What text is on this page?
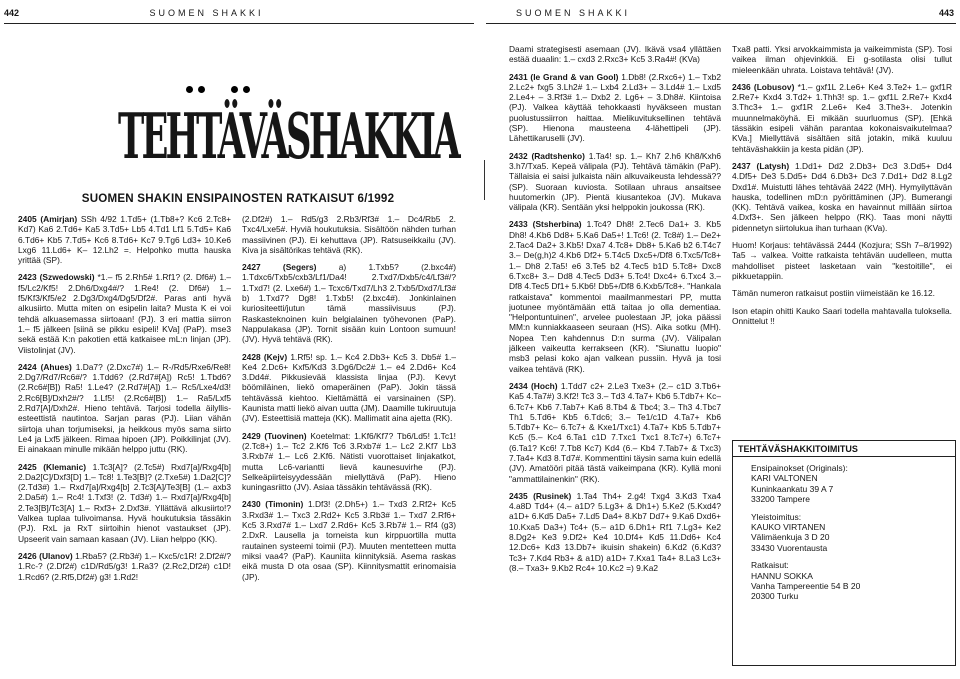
442	SUOMEN SHAKKI
TEHTÄVÄSHAKKIA
SUOMEN SHAKIN ENSIPAINOSTEN RATKAISUT 6/1992

2405 (Amirjan) SSh 4/92 1.Td5+ (1.Tb8+? Kc6 2.Tc8+ Kd7) Ka6 2.Td6+ Ka5 3.Td5+ Lb5 4.Td1 Lf1 5.Td5+ Ka6 6.Td6+ Kb5 7.Td5+ Kc6 8.Td6+ Kc7 9.Tg6 Ld3+ 10.Ke6 Lxg6 11.Ld6+ K– 12.Lh2 =. Helpohko mutta hauska yrittää (SP).

2423 (Szwedowski) *1.– f5 2.Rh5# 1.Rf1? (2. Df6#) 1.– f5/Lc2/Kf5! 2.Dh6/Dxg4#/? 1.Re4! (2. Df6#) 1.– f5/Kf3/Kf5/e2 2.Dg3/Dxg4/Dg5/Df2#. Paras anti hyvä alkusiirto. Mutta miten on esipelin laita? Musta K ei voi tehdä alkuasemassa siirtoaan! (PJ). 3 eri mattia siirron 1.– f5 jälkeen [siinä se pikku esipeli! KVa] (PaP). mse3 sekä estää K:n pakotien että katkaisee mL:n linjan (JP). Viistolinjat (JV).

2424 (Ahues) 1.Da7? (2.Dxc7#) 1.– R-/Rd5/Rxe6/Re8! 2.Dg7/Rd7/Rc6#/? 1.Tdd6? (2.Rd7#[A]) Rc5! 1.Tbd6? (2.Rc6#[B]) Ra5! 1.Le4? (2.Rd7#[A]) 1.– Rc5/Lxe4/d3! 2.Rc6[B]/Dxh2#/? 1.Lf5! (2.Rc6#[B]) 1.– Ra5/Lxf5 2.Rd7[A]/Dxh2#. Hieno tehtävä. Tarjosi todella äilyllis-esteettistä nautintoa. Sarjan paras (PJ). Liian vähän siirtoja uhan torjumiseksi, ja heikkous myös sama siirto Le4 ja Lxf5 jälkeen. Rimaa hipoen (JP). Poikkilinjat (JV). Ei ainakaan minulle mikään helppo juttu (RK).

2425 (Klemanic) 1.Tc3[A]? (2.Tc5#) Rxd7[a]/Rxg4[b] 2.Da2[C]/Dxf3[D] 1.– Tc8! 1.Te3[B]? (2.Txe5#) 1.Da2[C]? (2.Td3#) 1.– Rxd7[a]/Rxg4[b] 2.Tc3[A]/Te3[B] (1.– axb3 2.Da5#) 1.– Rc4! 1.Txf3! (2. Td3#) 1.– Rxd7[a]/Rxg4[b] 2.Te3[B]/Tc3[A] 1.– Rxf3+ 2.Dxf3#. Yllättävä alkusiirto!? Valkea tuplaa tulivoimansa. Hyvä houkutuksia tässäkin (PJ). RxL ja RxT siirtoihin hienot vastaukset (JP). Upseerit vain samaan kasaan (JV). Liian helppo (KK).

2426 (Ulanov) 1.Rba5? (2.Rb3#) 1.– Kxc5/c1R! 2.Df2#/? 1.Rc-? (2.Df2#) c1D/Rd5/g3! 1.Ra3? (2.Rc2,Df2#) c1D! 1.Rcd6? (2.Rf5,Df2#) g3! 1.Rd2!

(2.Df2#) 1.– Rd5/g3 2.Rb3/Rf3# 1.– Dc4/Rb5 2. Txc4/Lxe5#. Hyviä houkutuksia. Sisältöön nähden turhan massiivinen (PJ). Ei kehuttava (JP). Ratsuseikkailu (JV). Kiva ja sisältörikas tehtävä (RK).

2427 (Segers) a) 1.Txb5? (2.bxc4#) 1.Tdxc6/Txb5/cxb3/Lf1/Da4! 2.Txd7/Dxb5/c4/Lf3#/? 1.Txd7! (2. Lxe6#) 1.– Tcxc6/Txd7/Lh3 2.Txb5/Dxd7/Lf3# b) 1.Txd7? Dg8! 1.Txb5! (2.bxc4#). Jonkinlainen kuriositeetti/jutun tämä massiivisuus (PJ). Raskasteknoinen kuin belgialainen työhevonen (PaP). Nappulakasa (JP). Tornit sisään kuin Lontoon sumuun! (JV). Hyvä tehtävä (RK).

2428 (Kejv) 1.Rf5! sp. 1.– Kc4 2.Db3+ Kc5 3. Db5# 1.– Ke4 2.Dc6+ Kxf5/Kd3 3.Dg6/Dc2# 1.– e4 2.Dd6+ Kc4 3.Dd4#. Pikkusievää klassista linjaa (PJ). Kevyt böömiläinen, liekö omaperäinen (PaP). Jokin tässä tehtävässä kiehtoo. Kieltämättä ei varsinainen (SP). Kaunista matti liekö aivan uutta (JM). Daamille tukiruutuja (JV). Esteettisiä matteja (KK). Mallimatit aina ajetta (RK).

2429 (Tuovinen) Koetelmat: 1.Kf6/Kf7? Tb6/Ld5! 1.Tc1! (2.Tc8+) 1.– Tc2 2.Kf6 Tc6 3.Rxb7# 1.– Lc2 2.Kf7 Lb3 3.Rxb7# 1.– Lc6 2.Kf6. Nätisti vuorottaiset linjakatkot, mutta Lc6-variantti lievä kaunesuvirhe (PJ). Selkeäpiirteisyydessään miellyttävä (PaP). Hieno kuningasriitto (JV). Asiaa tässäkin tehtävässä (RK).

2430 (Timonin) 1.Df3! (2.Dh5+) 1.– Txd3 2.Rf2+ Kc5 3.Rxd3# 1.– Txc3 2.Rd2+ Kc5 3.Rb3# 1.– Txd7 2.Rf6+ Kc5 3.Rxd7# 1.– Lxd7 2.Rd6+ Kc5 3.Rb7# 1.– Rf4 (g3) 2.DxR. Lausella ja torneista kun kirppuortilla mutta rautainen systeemi toimii (PJ). Muuten mentetteen mutta miksi vaa4? (PaP). Kauniita kiinnityksiä. Asema raskas eikä musta D ota osaa (SP). Kiinnitysmattit erinomaisia (JP).

SUOMEN SHAKKI	443

Daami strategisesti asemaan (JV). Ikävä vsa4 yllättäen estää duaalin: 1.– cxd3 2.Rxc3+ Kc5 3.Ra4#! (KVa)

2431 (le Grand & van Gool) 1.Db8! (2.Rxc6+) 1.– Txb2 2.Lc2+ fxg5 3.Lh2# 1.– Lxb4 2.Ld3+ – 3.Ld4# 1.– Lxd5 2.Le4+ – 3.Rf3# 1.– Dxb2 2. Lg6+ – 3.Dh8#. Kiintoisa (PJ). Valkea käyttää tehokkaasti hyväkseen mustan puolustussiirron haittaa. Mielikuvituksellinen tehtävä (SP). Hienona mausteena 4-lähettipeli (JP). Lähettikaruselli (JV).

2432 (Radtshenko) 1.Ta4! sp. 1.– Kh7 2.h6 Kh8/Kxh6 3.h7/Txa5. Kepeä välipala (PJ). Tehtävä tämäkin (PaP). Tällaisia ei saisi julkaista näin alkuvaikeusta lehdessä?? (SP). Suoraan kuviosta. Sotilaan uhraus ansaitsee huutomerkin (JP). Pientä kiusantekoa (JV). Mukava välipala (KR). Sentään yksi helppokin joukossa (RK).

2433 (Stsherbina) 1.Tc4? Dh8! 2.Tec6 Da1+ 3. Kb5 Dh8! 4.Kb6 Dd8+ 5.Ka6 Da5+! 1.Tc6! (2. Tc8#) 1.– De2+ 2.Tac4 Da2+ 3.Kb5! Dxa7 4.Tc8+ Db8+ 5.Ka6 b2 6.T4c7 3.– De(g,h)2 4.Kb6 Df2+ 5.T4c5 Dxc5+/Df8 6.Txc5/Tc8+ 1.– Dh8 2.Ta5! e6 3.Te5 b2 4.Tec5 b1D 5.Tc8+ Dxc8 6.Txc8+ 3.– Dd8 4.Tec5 Dd3+ 5.Tc4! Dxc4+ 6.Txc4 3.– Df8 4.Tec5 Df1+ 5.Kb6! Db5+/Df8 6.Kxb5/Tc8+. "Hankala ratkaistava" kommentoi maailmanmestari PP, mutta juotunee myöntämään että taitaa jo olla dementiaa. "Helpontuntuinen", arvelee puolestaan JP, joka päässi MM:n kunniakkaaseen seuraan (HS). Aika sotku (MH). Nopea T:en kahdennus D:n surma (JV). Välipalan jälkeen vaikeutta kerrakseen (KR). "Siunattu luopio" msb3 pelasi koko ajan valkean pussiin. Hyvä ja tosi vaikea tehtävä (RK).

2434 (Hoch) 1.Tdd7 c2+ 2.Le3 Txe3+ (2.– c1D 3.Tb6+ Ka5 4.Ta7#) 3.Kf2! Tc3 3.– Td3 4.Ta7+ Kb6 5.Tdb7+ Kc– 6.Tc7+ Kb6 7.Tab7+ Ka6 8.Tb4 & Tbc4; 3.– Th3 4.Tbc7 Th1 5.Td6+ Kb5 6.Tdc6; 3.– Te1/c1D 4.Ta7+ Kb6 5.Tdb7+ Kc– 6.Tc7+ & Kxe1/Txc1) 4.Ta7+ Kb5 5.Tdb7+ Kc5 (5.– Kc4 6.Ta1 c1D 7.Txc1 Txc1 8.Tc7+) 6.Tc7+ (6.Ta1? Kc6! 7.Tb8 Kc7) Kd4 (6.– Kb4 7.Tab7+ & Txc3) 7.Ta4+ Kd3 8.Td7#. Kommenttini täysin sama kuin edellä (JV). Amatööri pitää tästä vaikeimpana (KR). Kyllä moni "ammattilainenkin" (RK).

2435 (Rusinek) 1.Ta4 Th4+ 2.g4! Txg4 3.Kd3 Txa4 4.a8D Td4+ (4.– a1D? 5.Lg3+ & Dh1+) 5.Ke2 (5.Kxd4? a1D+ 6.Kd5 Da5+ 7.Ld5 Da4+ 8.Kb7 Dd7+ 9.Ka6 Dxd6+ 10.Kxa5 Da3+) Tc4+ (5.– a1D 6.Dh1+ Rf1 7.Lg3+ Ke2 8.Dg2+ Ke3 9.Df2+ Ke4 10.Df4+ Kd5 11.Dd6+ Kc4 12.Dc6+ Kd3 13.Db7+ ikuisin shakein) 6.Kd2 (6.Kd3? Tc3+ 7.Kd4 Rb3+ & a1D) a1D+ 7.Kxa1 Ta4+ 8.La3 Lc3+ (8.– Txa3+ 9.Kb2 Rc4+ 10.Kc2 =) 9.Ka2

Txa8 patti. Yksi arvokkaimmista ja vaikeimmista (SP). Tosi vaikea ilman ohjevinkkiä. Ei g-sotilasta olisi tullut mieleenkään uhrata. Loistava tehtävä! (JV).

2436 (Lobusov) *1.– gxf1L 2.Le6+ Ke4 3.Te2+ 1.– gxf1R 2.Re7+ Kxd4 3.Td2+ 1.Thh3! sp. 1.– gxf1L 2.Re7+ Kxd4 3.Thc3+ 1.– gxf1R 2.Le6+ Ke4 3.The3+. Jotenkin muunnelmaköyhä. Ei mikään suurluomus (SP). [Ehkä tässäkin esipeli vähän parantaa kokonaisvaikutelmaa? KVa.] Miellyttävä sisältäen sitä jotakin, mikä kuuluu tehtäväshakkiin ja kesta pidän (JP).

2437 (Latysh) 1.Dd1+ Dd2 2.Db3+ Dc3 3.Dd5+ Dd4 4.Df5+ De3 5.Dd5+ Dd4 6.Db3+ Dc3 7.Dd1+ Dd2 8.Lg2 Dxd1#. Muistutti lähes tehtävää 2422 (MH). Hymyilyttävän hauska, todellinen mD:n pyörittäminen (JP). Bumerangi (KK). Tehtävä vaikea, koska en havainnut millään siirtoa 4.Dxf3+. Sen jälkeen helppo (RK). Taas moni näytti pidennetyn siirtolukua ihan turhaan (KVa).

Huom! Korjaus: tehtävässä 2444 (Kozjura; SSh 7–8/1992) Ta5 → valkea. Voitte ratkaista tehtävän uudelleen, mutta mahdolliset pisteet lasketaan vain "kestoitille", ei pikkuetappiin.

Tämän numeron ratkaisut postiin viimeistään ke 16.12.

Ison etapin ohitti Kauko Saari todella mahtavalla tuloksella. Onnittelut !!

TEHTÄVÄSHAKKITOIMITUS

Ensipainokset (Originals):
KARI VALTONEN
Kuninkaankatu 39 A 7
33200 Tampere

Yleistoimitus:
KAUKO VIRTANEN
Välimäenkuja 3 D 20
33430 Vuorentausta

Ratkaisut:
HANNU SOKKA
Vanha Tampereentie 54 B 20
20300 Turku
